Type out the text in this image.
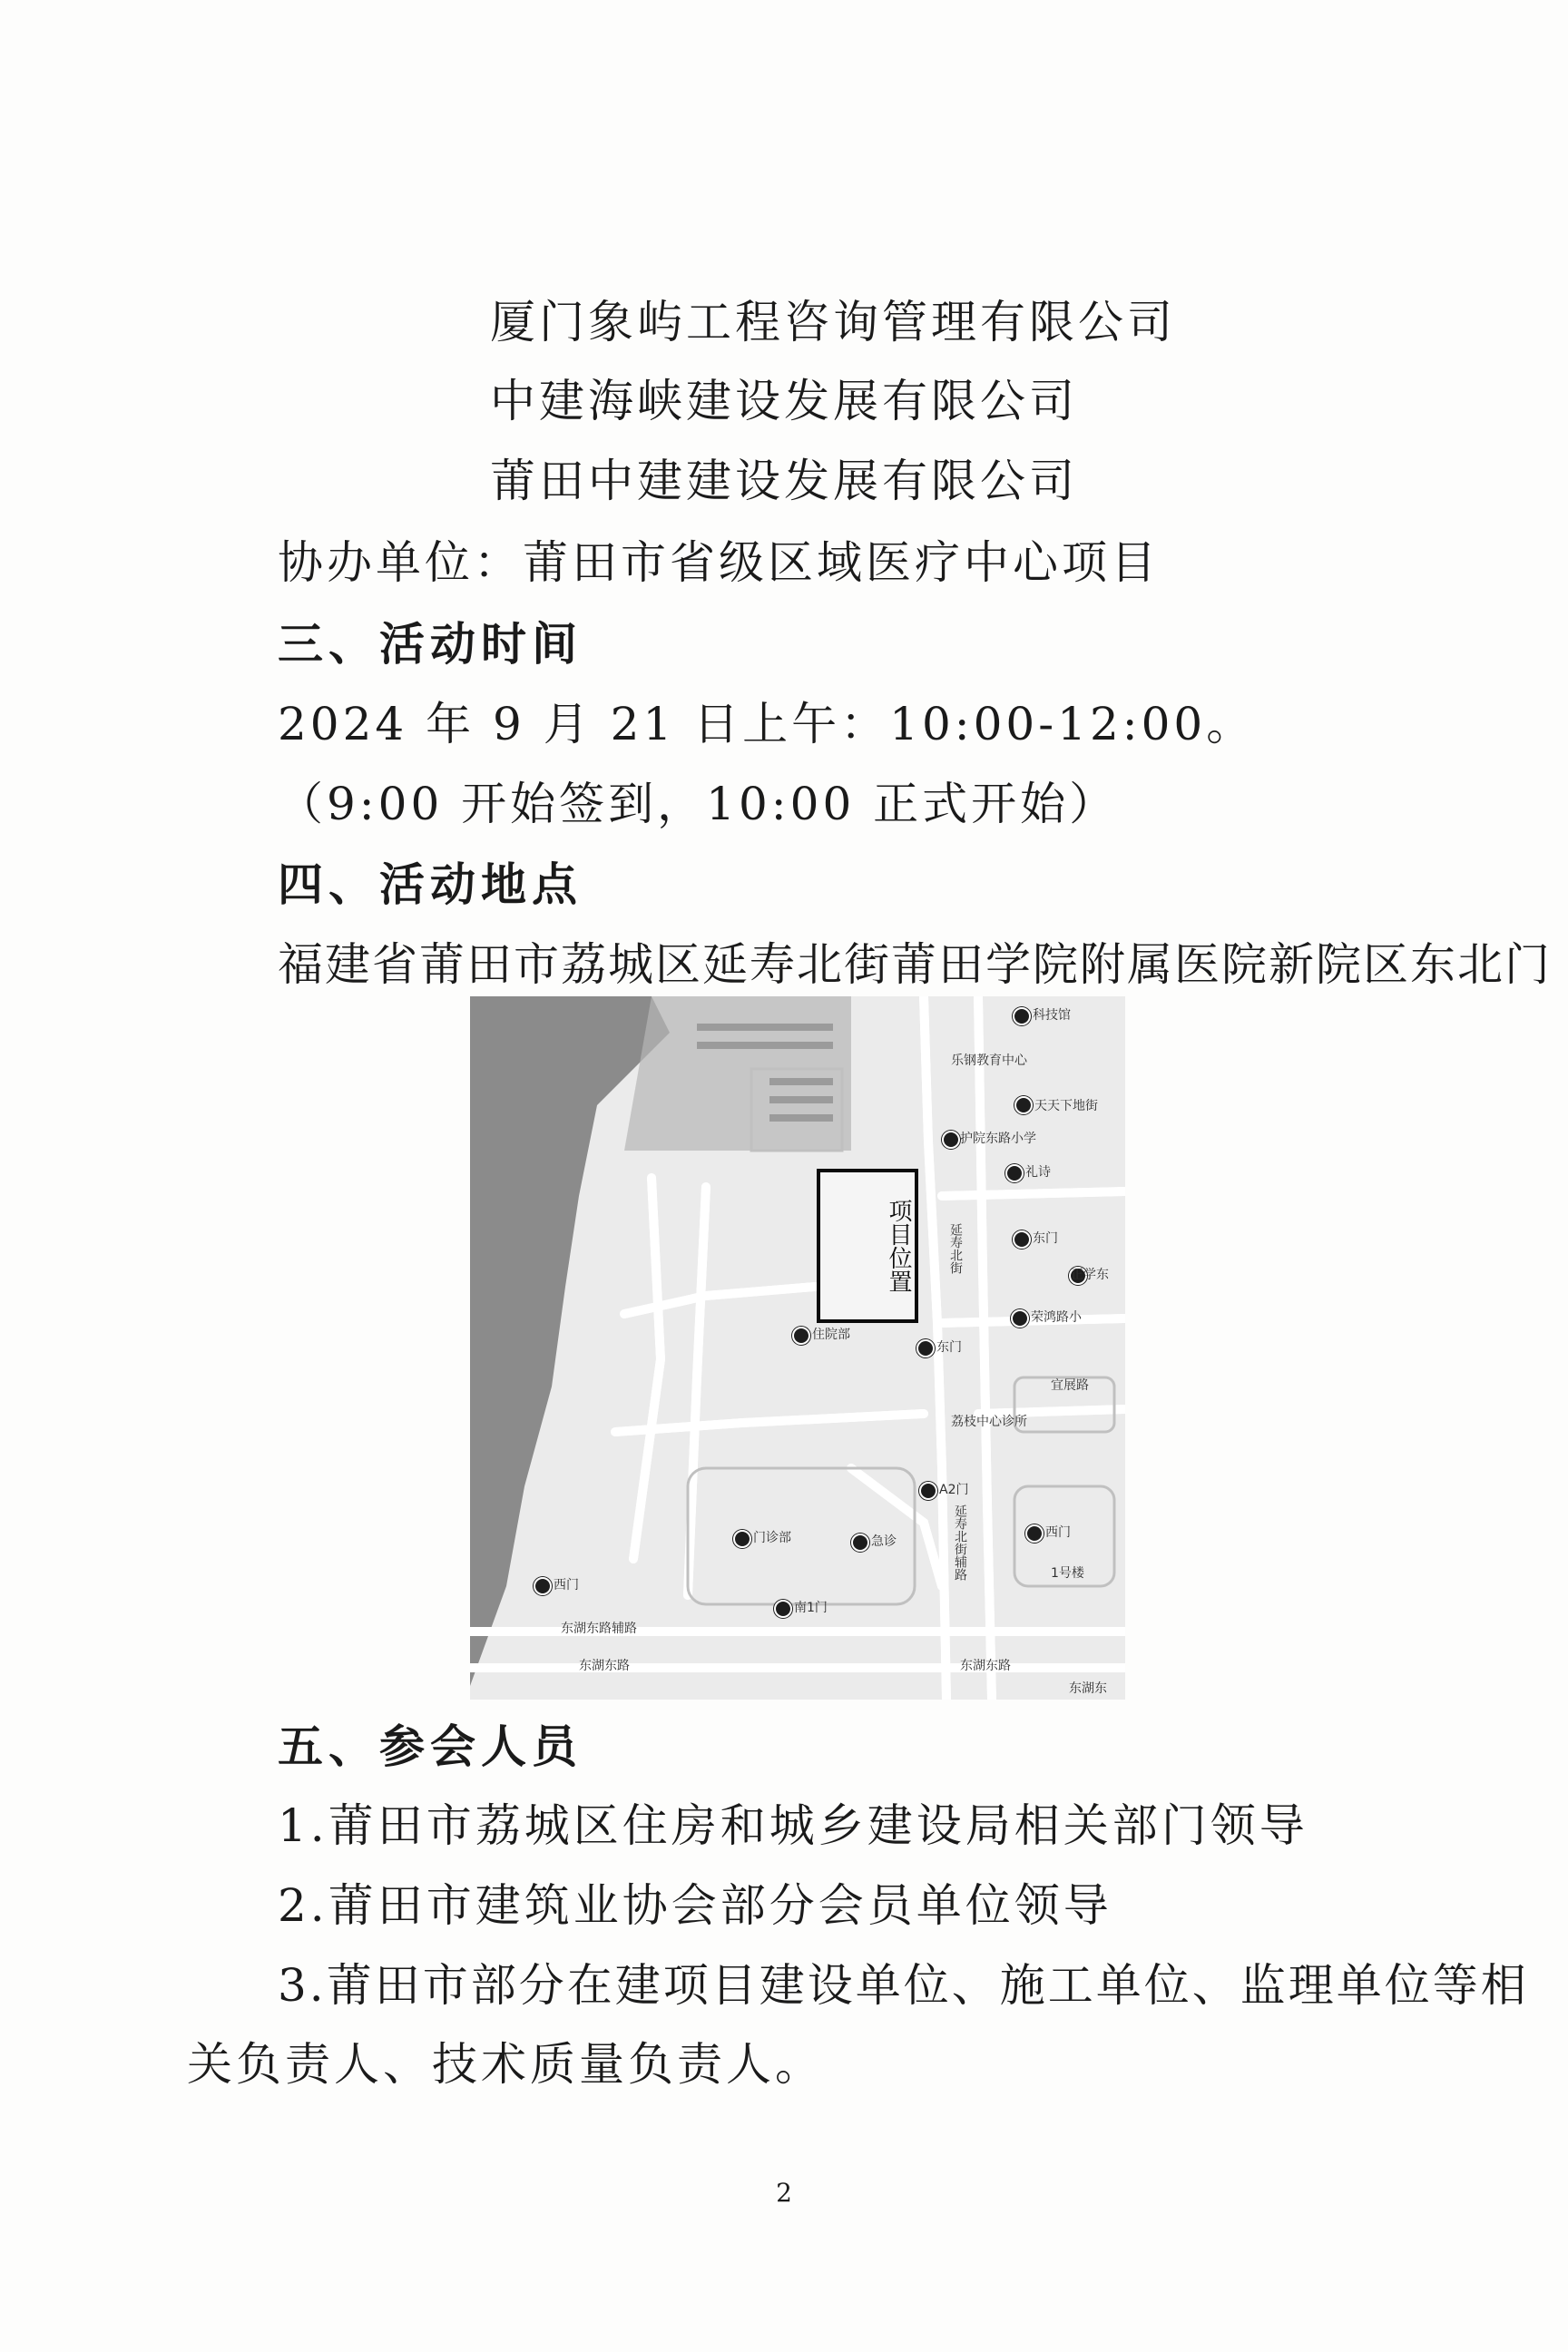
厦门象屿工程咨询管理有限公司
中建海峡建设发展有限公司
莆田中建建设发展有限公司
协办单位：莆田市省级区域医疗中心项目
三、活动时间
2024 年 9 月 21 日上午：10:00-12:00。
（9:00 开始签到，10:00 正式开始）
四、活动地点
福建省莆田市荔城区延寿北街莆田学院附属医院新院区东北门
项目位置
科技馆
乐钢教育中心
天天下地街
护院东路小学
礼诗
延寿北街	东门
正学东
荣鸿路小
东门
宜展路
荔枝中心诊所
住院部
A2门
门诊部	急诊
西门
南1门
东湖东路辅路
东湖东路	东湖东路
延寿北街辅路
东湖东
西门
1号楼
五、参会人员
1.莆田市荔城区住房和城乡建设局相关部门领导
2.莆田市建筑业协会部分会员单位领导
3.莆田市部分在建项目建设单位、施工单位、监理单位等相
关负责人、技术质量负责人。
2
